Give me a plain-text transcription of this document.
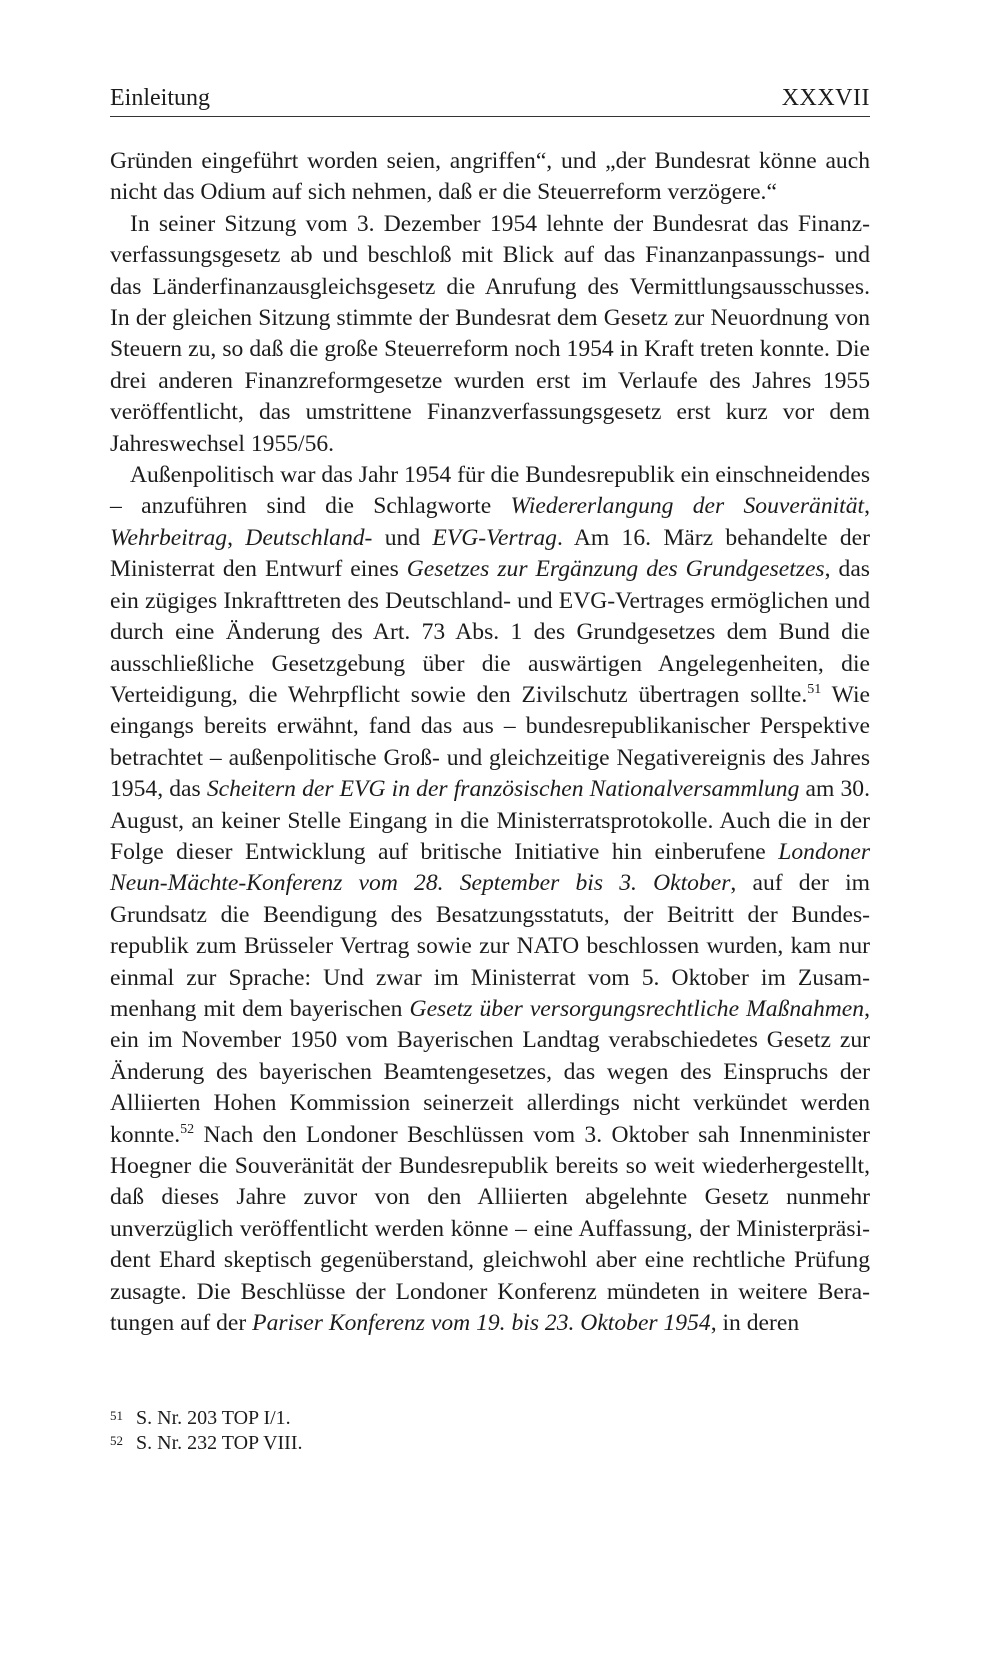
Einleitung	XXXVII

Gründen eingeführt worden seien, angriffen“, und „der Bundesrat könne auch nicht das Odium auf sich nehmen, daß er die Steuerreform verzögere.“

In seiner Sitzung vom 3. Dezember 1954 lehnte der Bundesrat das Finanzverfassungsgesetz ab und beschloß mit Blick auf das Finanzanpassungs- und das Länderfinanzausgleichsgesetz die Anrufung des Vermittlungsausschusses. In der gleichen Sitzung stimmte der Bundesrat dem Gesetz zur Neuordnung von Steuern zu, so daß die große Steuerreform noch 1954 in Kraft treten konnte. Die drei anderen Finanzreformgesetze wurden erst im Verlaufe des Jahres 1955 veröffentlicht, das umstrittene Finanzverfassungsgesetz erst kurz vor dem Jahreswechsel 1955/56.

Außenpolitisch war das Jahr 1954 für die Bundesrepublik ein einschneidendes – anzuführen sind die Schlagworte Wiedererlangung der Souveränität, Wehrbeitrag, Deutschland- und EVG-Vertrag. Am 16. März behandelte der Ministerrat den Entwurf eines Gesetzes zur Ergänzung des Grundgesetzes, das ein zügiges Inkrafttreten des Deutschland- und EVG-Vertrages ermöglichen und durch eine Änderung des Art. 73 Abs. 1 des Grundgesetzes dem Bund die ausschließliche Gesetzgebung über die auswärtigen Angelegenheiten, die Verteidigung, die Wehrpflicht sowie den Zivilschutz übertragen sollte.$^{51}$ Wie eingangs bereits erwähnt, fand das aus – bundesrepublikanischer Perspektive betrachtet – außenpolitische Groß- und gleichzeitige Negativereignis des Jahres 1954, das Scheitern der EVG in der französischen Nationalversammlung am 30. August, an keiner Stelle Eingang in die Ministerratsprotokolle. Auch die in der Folge dieser Entwicklung auf britische Initiative hin einberufene Londoner Neun-Mächte-Konferenz vom 28. September bis 3. Oktober, auf der im Grundsatz die Beendigung des Besatzungsstatuts, der Beitritt der Bundesrepublik zum Brüsseler Vertrag sowie zur NATO beschlossen wurden, kam nur einmal zur Sprache: Und zwar im Ministerrat vom 5. Oktober im Zusammenhang mit dem bayerischen Gesetz über versorgungsrechtliche Maßnahmen, ein im November 1950 vom Bayerischen Landtag verabschiedetes Gesetz zur Änderung des bayerischen Beamtengesetzes, das wegen des Einspruchs der Alliierten Hohen Kommission seinerzeit allerdings nicht verkündet werden konnte.$^{52}$ Nach den Londoner Beschlüssen vom 3. Oktober sah Innenminister Hoegner die Souveränität der Bundesrepublik bereits so weit wiederhergestellt, daß dieses Jahre zuvor von den Alliierten abgelehnte Gesetz nunmehr unverzüglich veröffentlicht werden könne – eine Auffassung, der Ministerpräsident Ehard skeptisch gegenüberstand, gleichwohl aber eine rechtliche Prüfung zusagte. Die Beschlüsse der Londoner Konferenz mündeten in weitere Beratungen auf der Pariser Konferenz vom 19. bis 23. Oktober 1954, in deren

51 S. Nr. 203 TOP I/1.
52 S. Nr. 232 TOP VIII.
